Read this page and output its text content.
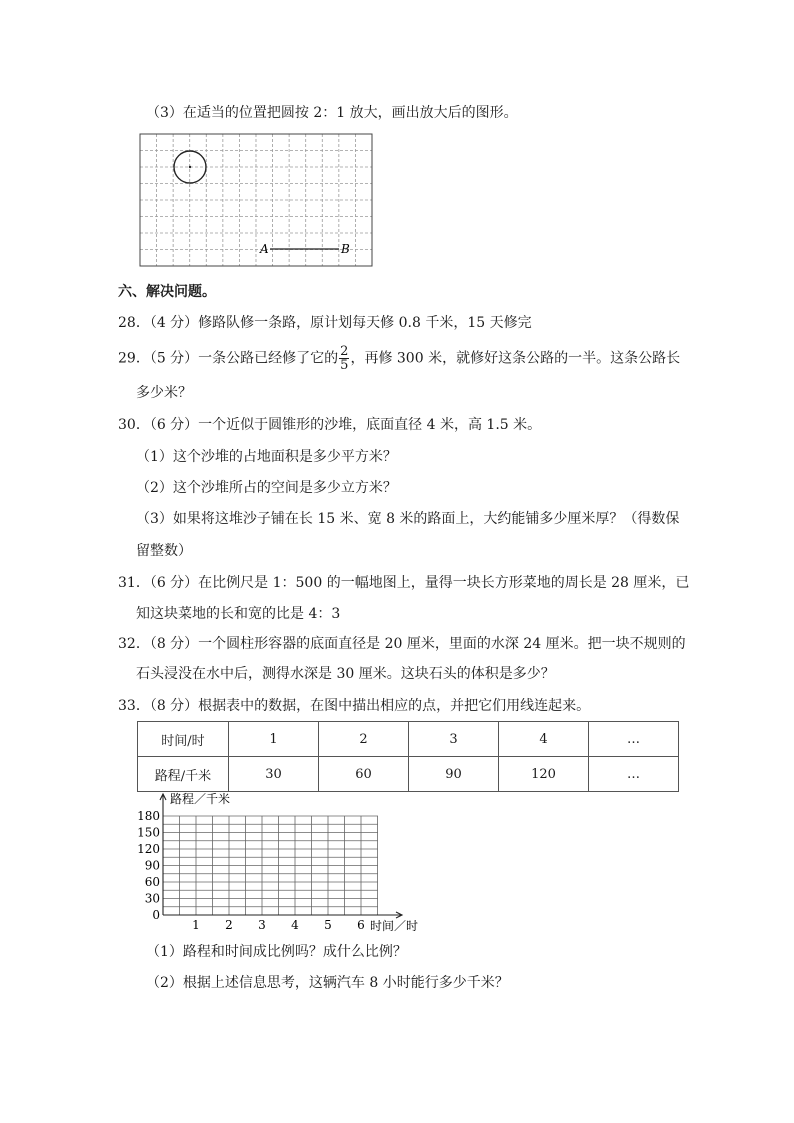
（3）在适当的位置把圆按 2：1 放大，画出放大后的图形。
A	B
六、解决问题。
28．（4 分）修路队修一条路，原计划每天修 0.8 千米，15 天修完
29．（5 分）一条公路已经修了它的 $\frac{2}{5}$ ，再修 300 米，就修好这条公路的一半。这条公路长
多少米？
30．（6 分）一个近似于圆锥形的沙堆，底面直径 4 米，高 1.5 米。
（1）这个沙堆的占地面积是多少平方米？
（2）这个沙堆所占的空间是多少立方米？
（3）如果将这堆沙子铺在长 15 米、宽 8 米的路面上，大约能铺多少厘米厚？（得数保
留整数）
31．（6 分）在比例尺是 1：500 的一幅地图上，量得一块长方形菜地的周长是 28 厘米，已
知这块菜地的长和宽的比是 4：3
32．（8 分）一个圆柱形容器的底面直径是 20 厘米，里面的水深 24 厘米。把一块不规则的
石头浸没在水中后，测得水深是 30 厘米。这块石头的体积是多少？
33．（8 分）根据表中的数据，在图中描出相应的点，并把它们用线连起来。
时间/时	1	2	3	4	…
路程/千米	30	60	90	120	…
0
30
60
90
120
150
180
1 2 3 4 5 6
路程／千米
时间／时
（1）路程和时间成比例吗？成什么比例？
（2）根据上述信息思考，这辆汽车 8 小时能行多少千米？
